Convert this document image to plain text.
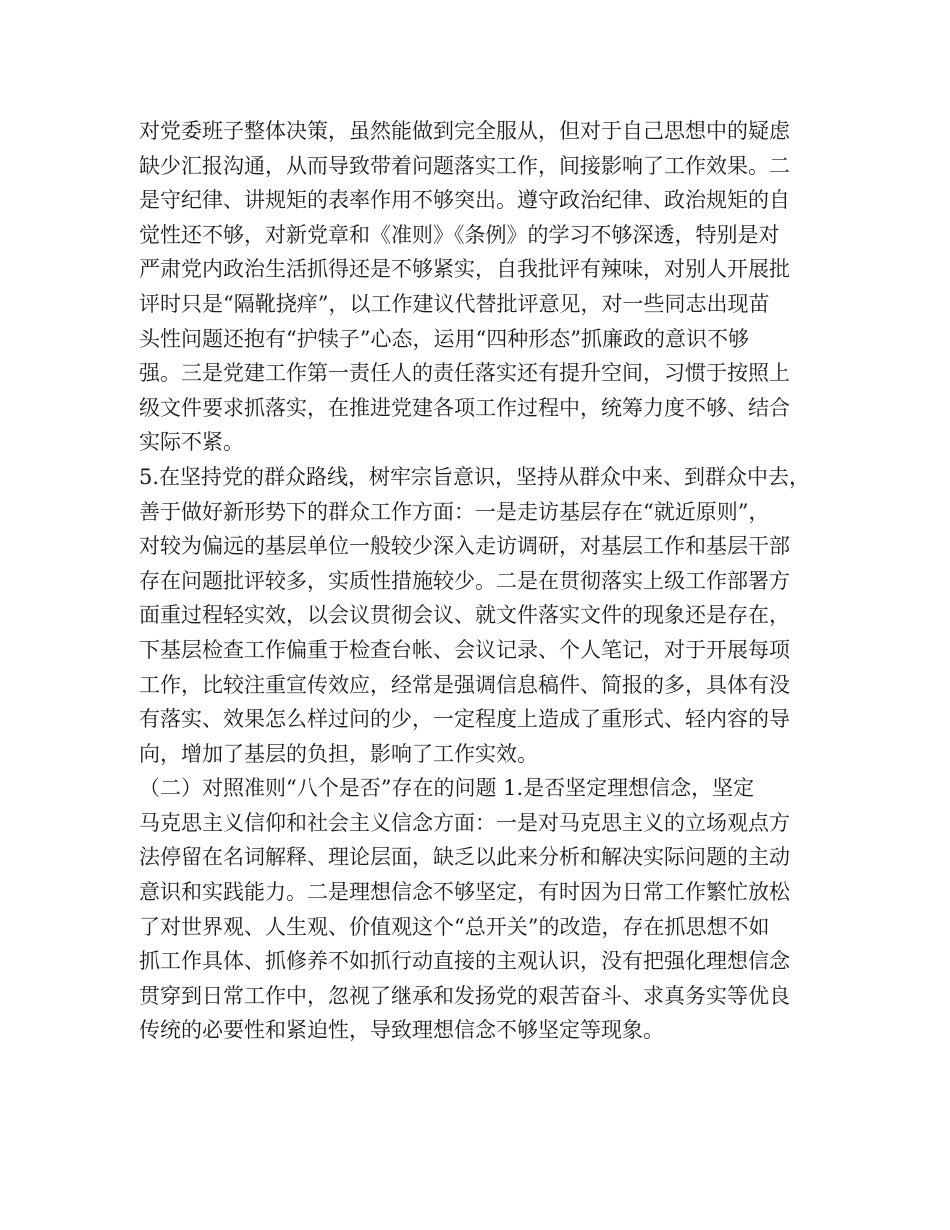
对党委班子整体决策，虽然能做到完全服从，但对于自己思想中的疑虑
缺少汇报沟通，从而导致带着问题落实工作，间接影响了工作效果。二
是守纪律、讲规矩的表率作用不够突出。遵守政治纪律、政治规矩的自
觉性还不够，对新党章和《准则》《条例》的学习不够深透，特别是对
严肃党内政治生活抓得还是不够紧实，自我批评有辣味，对别人开展批
评时只是“隔靴挠痒”，以工作建议代替批评意见，对一些同志出现苗
头性问题还抱有“护犊子”心态，运用“四种形态”抓廉政的意识不够
强。三是党建工作第一责任人的责任落实还有提升空间，习惯于按照上
级文件要求抓落实，在推进党建各项工作过程中，统筹力度不够、结合
实际不紧。
5.在坚持党的群众路线，树牢宗旨意识，坚持从群众中来、到群众中去，
善于做好新形势下的群众工作方面：一是走访基层存在“就近原则”，
对较为偏远的基层单位一般较少深入走访调研，对基层工作和基层干部
存在问题批评较多，实质性措施较少。二是在贯彻落实上级工作部署方
面重过程轻实效，以会议贯彻会议、就文件落实文件的现象还是存在，
下基层检查工作偏重于检查台帐、会议记录、个人笔记，对于开展每项
工作，比较注重宣传效应，经常是强调信息稿件、简报的多，具体有没
有落实、效果怎么样过问的少，一定程度上造成了重形式、轻内容的导
向，增加了基层的负担，影响了工作实效。
（二）对照准则“八个是否”存在的问题 1.是否坚定理想信念，坚定
马克思主义信仰和社会主义信念方面：一是对马克思主义的立场观点方
法停留在名词解释、理论层面，缺乏以此来分析和解决实际问题的主动
意识和实践能力。二是理想信念不够坚定，有时因为日常工作繁忙放松
了对世界观、人生观、价值观这个“总开关”的改造，存在抓思想不如
抓工作具体、抓修养不如抓行动直接的主观认识，没有把强化理想信念
贯穿到日常工作中，忽视了继承和发扬党的艰苦奋斗、求真务实等优良
传统的必要性和紧迫性，导致理想信念不够坚定等现象。
